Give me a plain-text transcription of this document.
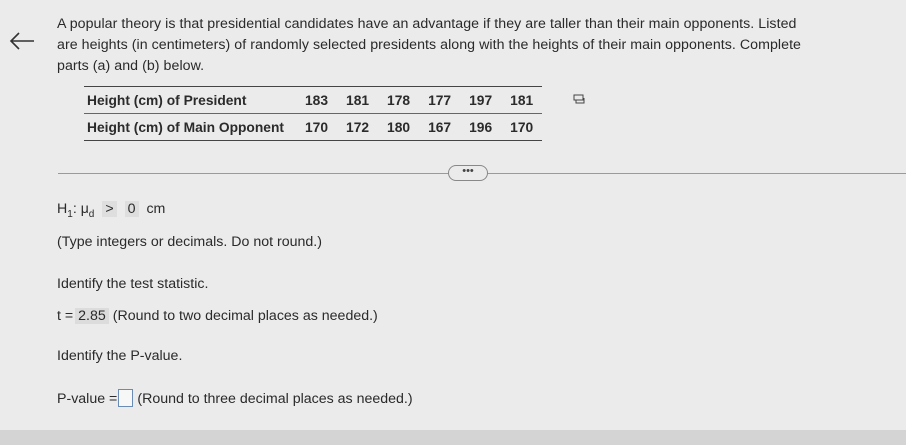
A popular theory is that presidential candidates have an advantage if they are taller than their main opponents. Listed

are heights (in centimeters) of randomly selected presidents along with the heights of their main opponents. Complete

parts (a) and (b) below.

Height (cm) of President	183	181	178	177	197	181
Height (cm) of Main Opponent	170	172	180	167	196	170
•••
$H_1$: $\mu_d > 0$ cm
(Type integers or decimals. Do not round.)
Identify the test statistic.
t = 2.85 (Round to two decimal places as needed.)
Identify the P-value.
P-value = (Round to three decimal places as needed.)
